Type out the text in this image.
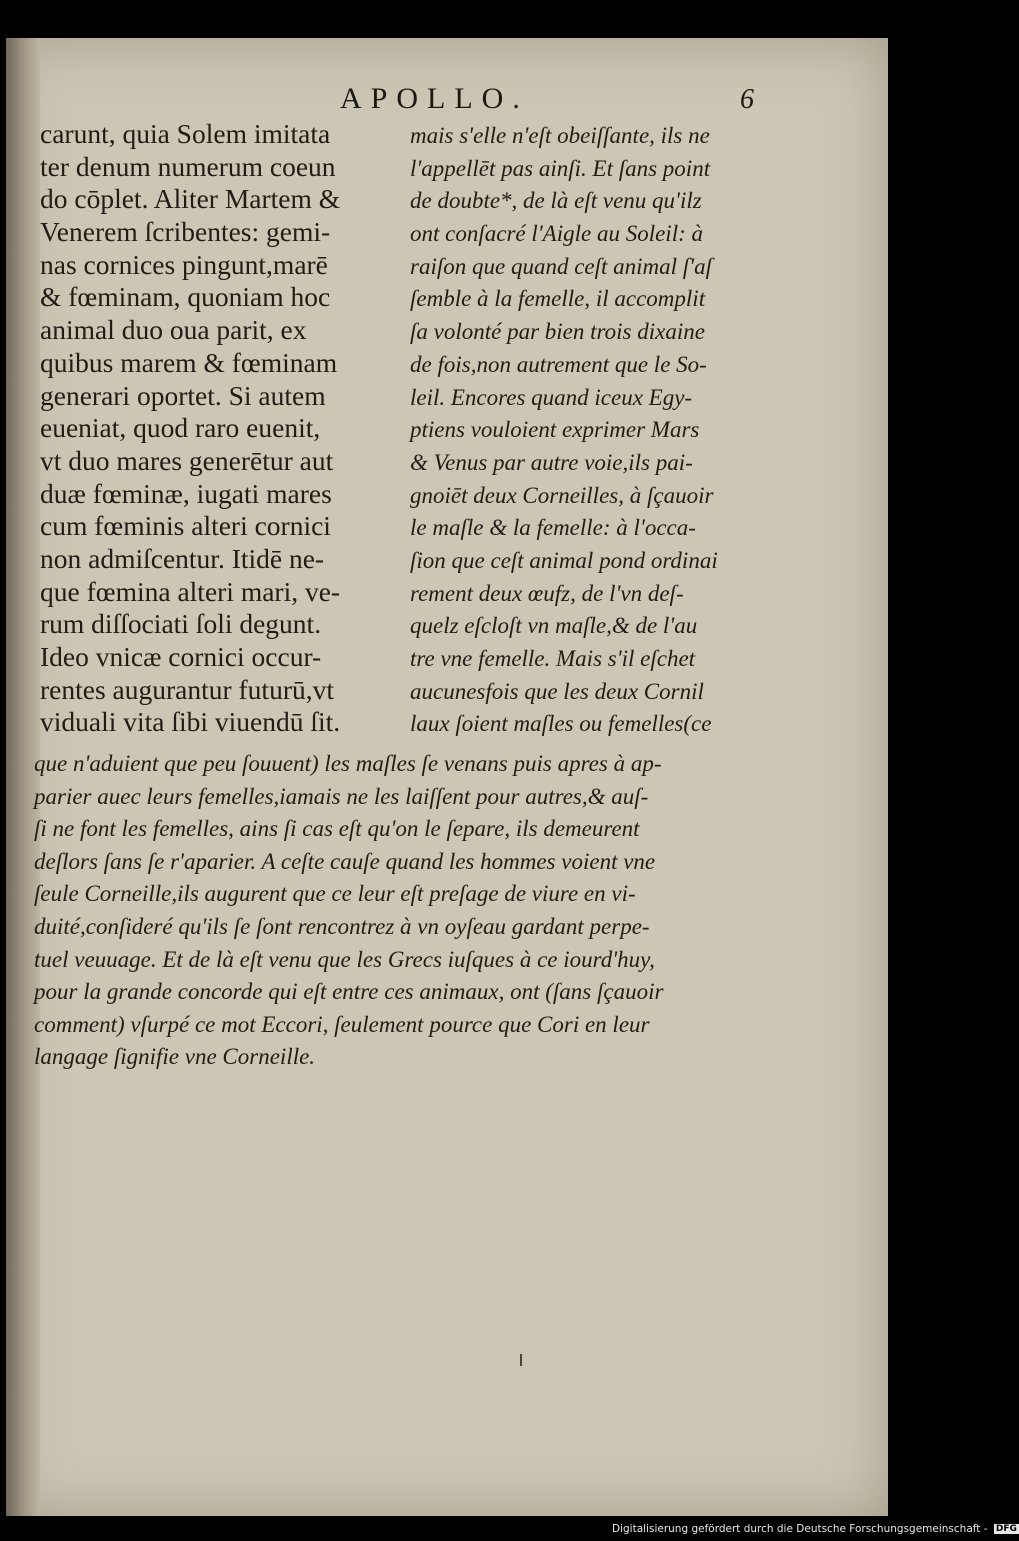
APOLLO.	6
carunt, quia Solem imitata
ter denum numerum coeun
do cōplet. Aliter Martem &
Venerem ſcribentes: gemi-
nas cornices pingunt,marē
& fœminam, quoniam hoc
animal duo oua parit, ex
quibus marem & fœminam
generari oportet. Si autem
eueniat, quod raro euenit,
vt duo mares generētur aut
duæ fœminæ, iugati mares
cum fœminis alteri cornici
non admiſcentur. Itidē ne-
que fœmina alteri mari, ve-
rum diſſociati ſoli degunt.
Ideo vnicæ cornici occur-
rentes augurantur futurū,vt
viduali vita ſibi viuendū ſit.
mais s'elle n'eſt obeiſſante, ils ne
l'appellēt pas ainſi. Et ſans point
de doubte*, de là eſt venu qu'ilz
ont conſacré l'Aigle au Soleil: à
raiſon que quand ceſt animal ſ'aſ
ſemble à la femelle, il accomplit
ſa volonté par bien trois dixaine
de fois,non autrement que le So-
leil. Encores quand iceux Egy-
ptiens vouloient exprimer Mars
& Venus par autre voie,ils pai-
gnoiēt deux Corneilles, à ſçauoir
le maſle & la femelle: à l'occa-
ſion que ceſt animal pond ordinai
rement deux œufz, de l'vn deſ-
quelz eſcloſt vn maſle,& de l'au
tre vne femelle. Mais s'il eſchet
aucunesfois que les deux Cornil
laux ſoient maſles ou femelles(ce
que n'aduient que peu ſouuent) les maſles ſe venans puis apres à ap-
parier auec leurs femelles,iamais ne les laiſſent pour autres,& auſ-
ſi ne font les femelles, ains ſi cas eſt qu'on le ſepare, ils demeurent
deſlors ſans ſe r'aparier. A ceſte cauſe quand les hommes voient vne
ſeule Corneille,ils augurent que ce leur eſt preſage de viure en vi-
duité,conſideré qu'ils ſe ſont rencontrez à vn oyſeau gardant perpe-
tuel veuuage. Et de là eſt venu que les Grecs iuſques à ce iourd'huy,
pour la grande concorde qui eſt entre ces animaux, ont (ſans ſçauoir
comment) vſurpé ce mot Eccori, ſeulement pource que Cori en leur
langage ſignifie vne Corneille.
Digitalisierung gefördert durch die Deutsche Forschungsgemeinschaft - DFG
